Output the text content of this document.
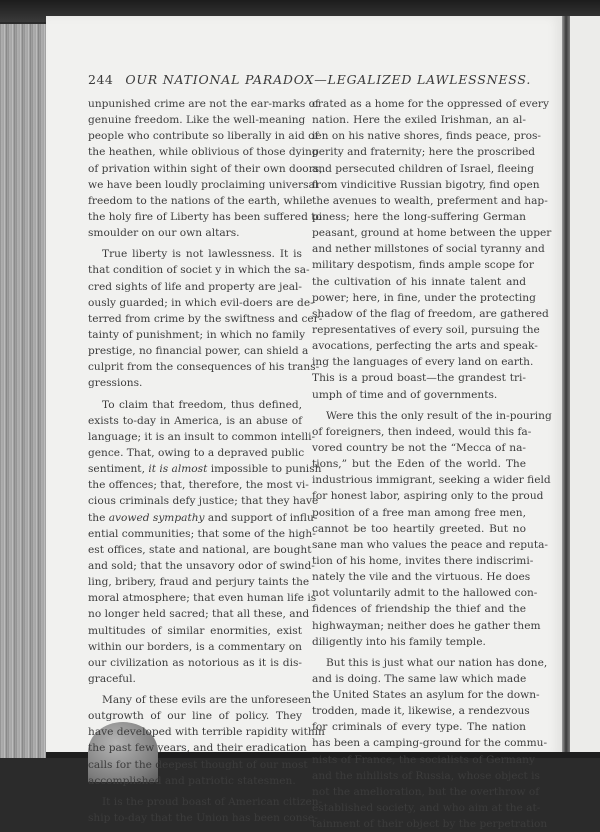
244 OUR NATIONAL PARADOX—LEGALIZED LAWLESSNESS.
unpunished crime are not the ear-marks of
genuine freedom. Like the well-meaning
people who contribute so liberally in aid of
the heathen, while oblivious of those dying
of privation within sight of their own doors,
we have been loudly proclaiming universal
freedom to the nations of the earth, while
the holy fire of Liberty has been suffered to
smoulder on our own altars.
True liberty is not lawlessness. It is
that condition of societ y in which the sa-
cred sights of life and property are jeal-
ously guarded; in which evil-doers are de-
terred from crime by the swiftness and cer-
tainty of punishment; in which no family
prestige, no financial power, can shield a
culprit from the consequences of his trans-
gressions.
To claim that freedom, thus defined,
exists to-day in America, is an abuse of
language; it is an insult to common intelli-
gence. That, owing to a depraved public
sentiment, it is almost impossible to punish
the offences; that, therefore, the most vi-
cious criminals defy justice; that they have
the avowed sympathy and support of influ-
ential communities; that some of the high-
est offices, state and national, are bought
and sold; that the unsavory odor of swind-
ling, bribery, fraud and perjury taints the
moral atmosphere; that even human life is
no longer held sacred; that all these, and
multitudes of similar enormities, exist
within our borders, is a commentary on
our civilization as notorious as it is dis-
graceful.
Many of these evils are the unforeseen
outgrowth of our line of policy. They
have developed with terrible rapidity within
the past few years, and their eradication
calls for the deepest thought of our most
accomplished and patriotic statesmen.
It is the proud boast of American citizen-
ship to-day that the Union has been conse-
crated as a home for the oppressed of every
nation. Here the exiled Irishman, an al-
ien on his native shores, finds peace, pros-
perity and fraternity; here the proscribed
and persecuted children of Israel, fleeing
from vindicitive Russian bigotry, find open
the avenues to wealth, preferment and hap-
piness; here the long-suffering German
peasant, ground at home between the upper
and nether millstones of social tyranny and
military despotism, finds ample scope for
the cultivation of his innate talent and
power; here, in fine, under the protecting
shadow of the flag of freedom, are gathered
representatives of every soil, pursuing the
avocations, perfecting the arts and speak-
ing the languages of every land on earth.
This is a proud boast—the grandest tri-
umph of time and of governments.
Were this the only result of the in-pouring
of foreigners, then indeed, would this fa-
vored country be not the “Mecca of na-
tions,” but the Eden of the world. The
industrious immigrant, seeking a wider field
for honest labor, aspiring only to the proud
position of a free man among free men,
cannot be too heartily greeted. But no
sane man who values the peace and reputa-
tion of his home, invites there indiscrimi-
nately the vile and the virtuous. He does
not voluntarily admit to the hallowed con-
fidences of friendship the thief and the
highwayman; neither does he gather them
diligently into his family temple.
But this is just what our nation has done,
and is doing. The same law which made
the United States an asylum for the down-
trodden, made it, likewise, a rendezvous
for criminals of every type. The nation
has been a camping-ground for the commu-
nists of France, the socialists of Germany
and the nihilists of Russia, whose object is
not the amelioration, but the overthrow of
established society, and who aim at the at-
tainment of their object by the perpetration
